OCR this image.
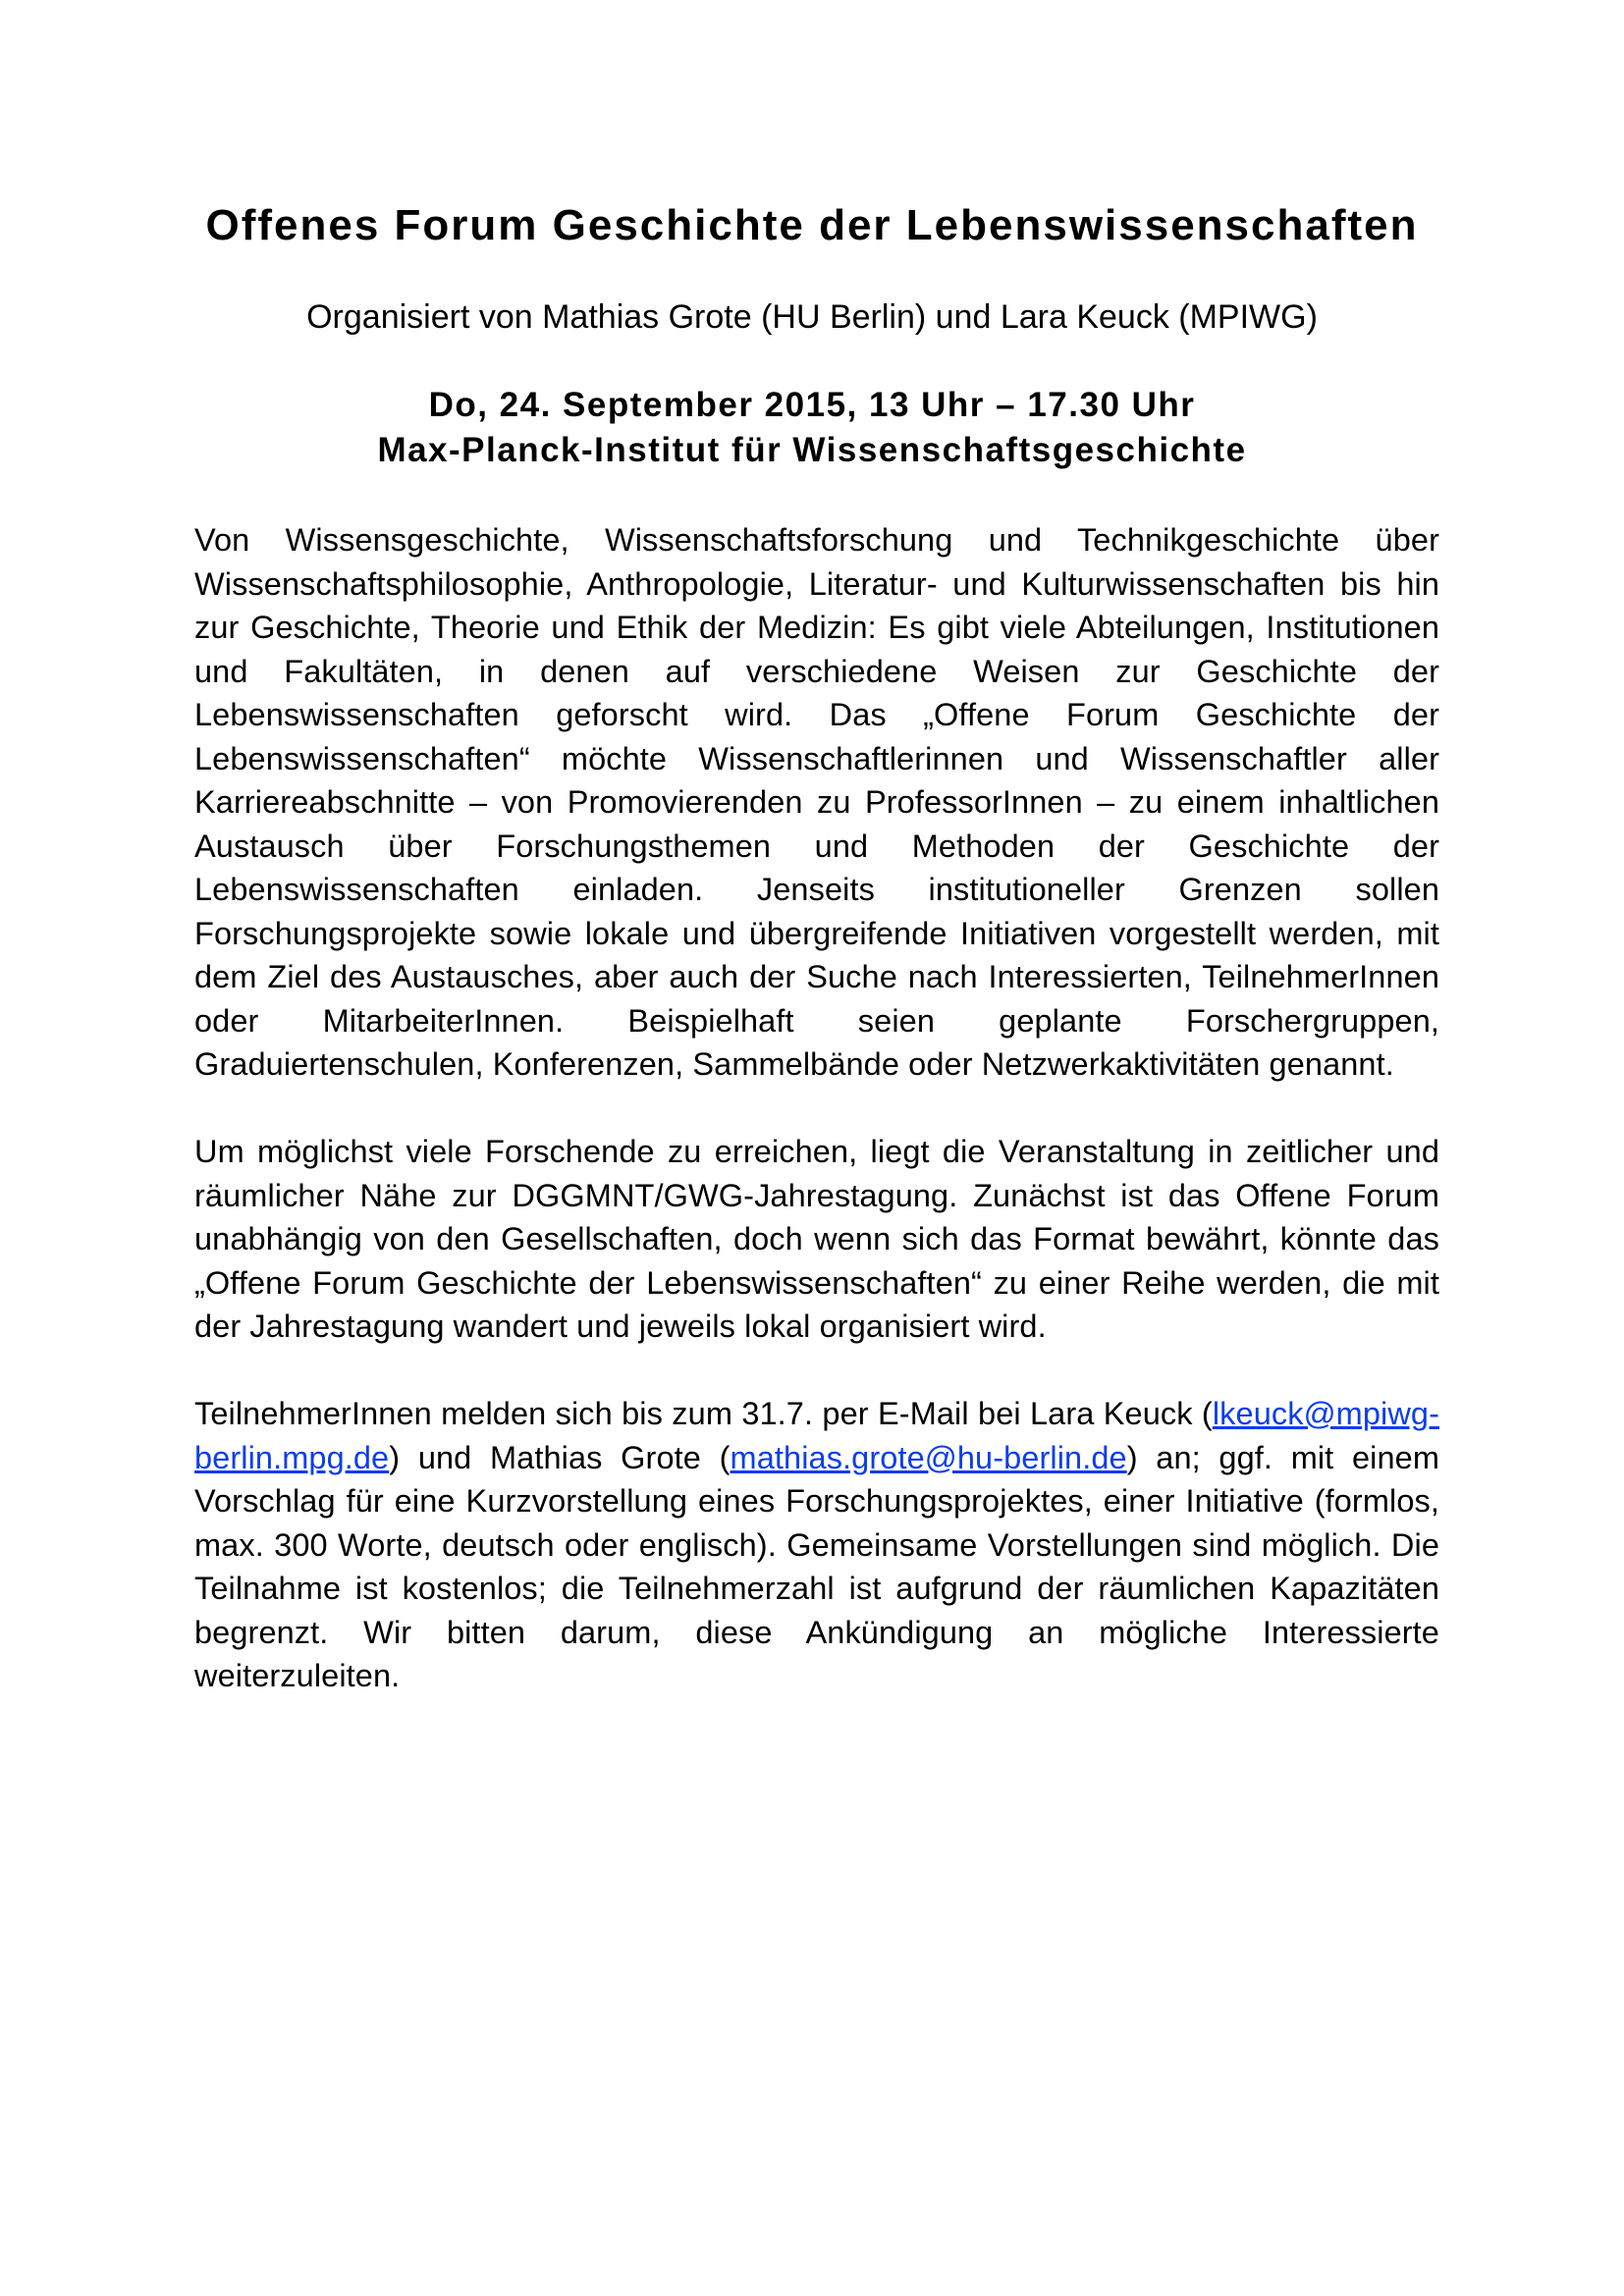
Offenes Forum Geschichte der Lebenswissenschaften

Organisiert von Mathias Grote (HU Berlin) und Lara Keuck (MPIWG)

Do, 24. September 2015, 13 Uhr – 17.30 Uhr

Max-Planck-Institut für Wissenschaftsgeschichte

Von Wissensgeschichte, Wissenschaftsforschung und Technikgeschichte über Wissenschaftsphilosophie, Anthropologie, Literatur- und Kulturwissenschaften bis hin zur Geschichte, Theorie und Ethik der Medizin: Es gibt viele Abteilungen, Institutionen und Fakultäten, in denen auf verschiedene Weisen zur Geschichte der Lebenswissenschaften geforscht wird. Das „Offene Forum Geschichte der Lebenswissenschaften“ möchte Wissenschaftlerinnen und Wissenschaftler aller Karriereabschnitte – von Promovierenden zu ProfessorInnen – zu einem inhaltlichen Austausch über Forschungsthemen und Methoden der Geschichte der Lebenswissenschaften einladen. Jenseits institutioneller Grenzen sollen Forschungsprojekte sowie lokale und übergreifende Initiativen vorgestellt werden, mit dem Ziel des Austausches, aber auch der Suche nach Interessierten, TeilnehmerInnen oder MitarbeiterInnen. Beispielhaft seien geplante Forschergruppen, Graduiertenschulen, Konferenzen, Sammelbände oder Netzwerkaktivitäten genannt.

Um möglichst viele Forschende zu erreichen, liegt die Veranstaltung in zeitlicher und räumlicher Nähe zur DGGMNT/GWG-Jahrestagung. Zunächst ist das Offene Forum unabhängig von den Gesellschaften, doch wenn sich das Format bewährt, könnte das „Offene Forum Geschichte der Lebenswissenschaften“ zu einer Reihe werden, die mit der Jahrestagung wandert und jeweils lokal organisiert wird.

TeilnehmerInnen melden sich bis zum 31.7. per E-Mail bei Lara Keuck (lkeuck@mpiwg-berlin.mpg.de) und Mathias Grote (mathias.grote@hu-berlin.de) an; ggf. mit einem Vorschlag für eine Kurzvorstellung eines Forschungsprojektes, einer Initiative (formlos, max. 300 Worte, deutsch oder englisch). Gemeinsame Vorstellungen sind möglich. Die Teilnahme ist kostenlos; die Teilnehmerzahl ist aufgrund der räumlichen Kapazitäten begrenzt. Wir bitten darum, diese Ankündigung an mögliche Interessierte weiterzuleiten.
